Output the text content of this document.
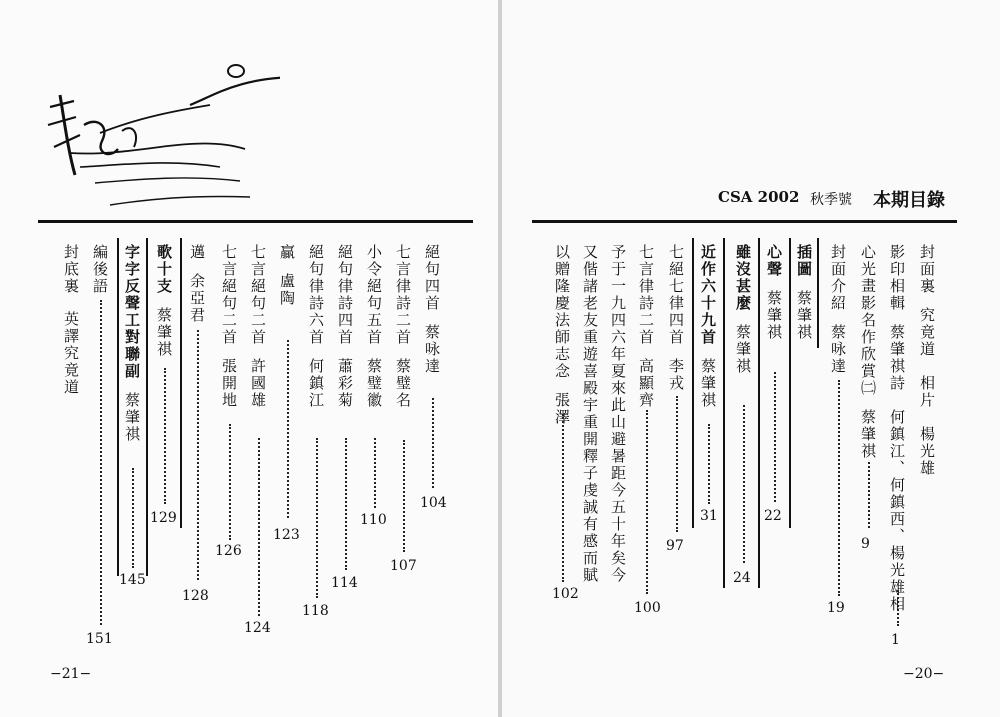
絕句四首蔡咏達
104
七言律詩二首蔡璧名
107
小令絕句五首蔡璧徽
110
絕句律詩四首蕭彩菊
114
絕句律詩六首何鎮江
118
贏盧陶
123
七言絕句二首許國雄
124
七言絕句二首張開地
126
邁余亞君
128
歌十支蔡肇祺
129
字字反聲工對聯副蔡肇祺
145
編後語
151
封底裏英譯究竟道
−21−
CSA 2002 秋季號 本期目錄
封面裏究竟道　相片　楊光雄
影印相輯蔡肇祺詩　何鎮江、何鎮西、楊光雄相
1
心光畫影名作欣賞㈡蔡肇祺
9
封面介紹蔡咏達
19
插圖蔡肇祺
心聲蔡肇祺
22
雖沒甚麼蔡肇祺
24
近作六十九首蔡肇祺
31
七絕七律四首李戎
97
七言律詩二首高顯齊
100
予于一九四六年夏來此山避暑距今五十年矣今
又偕諸老友重遊喜殿宇重開釋子虔誠有感而賦
以贈隆慶法師志念張澤
102
−20−
